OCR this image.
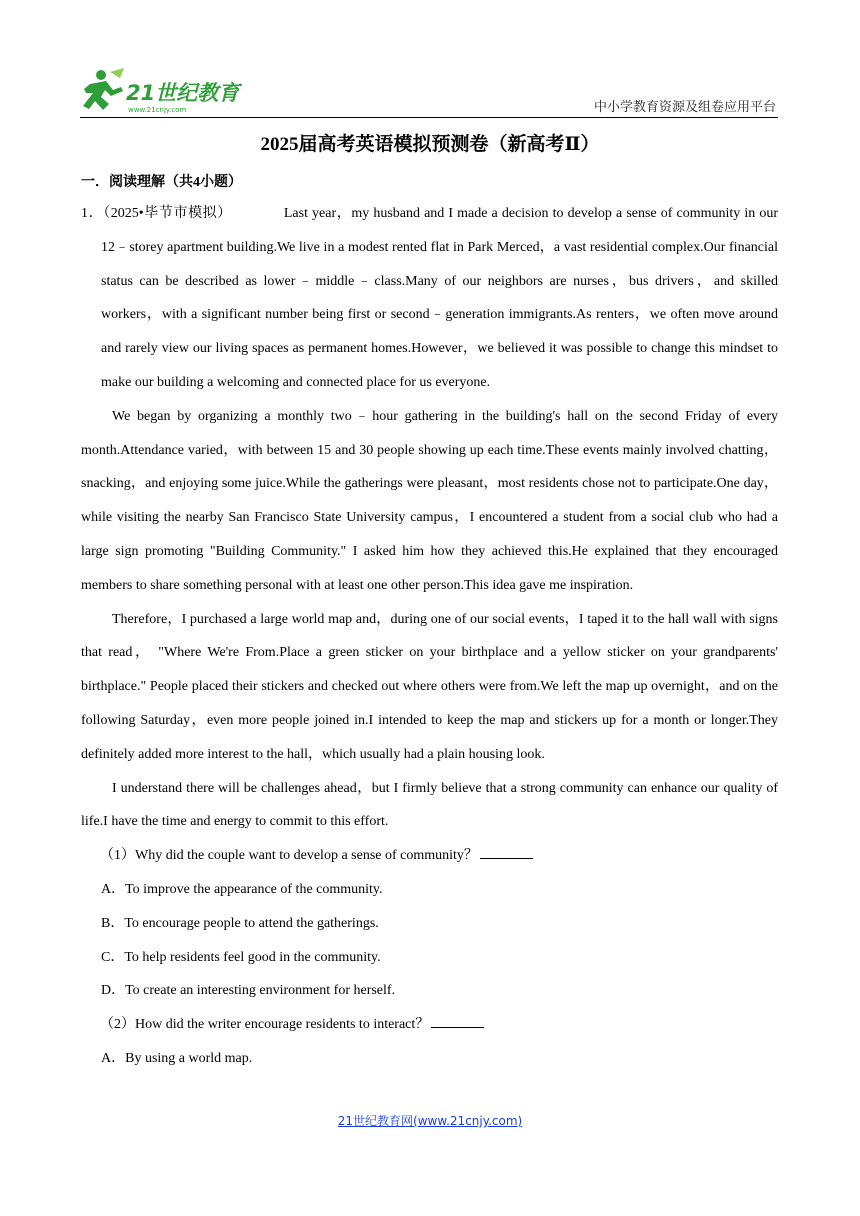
21世纪教育
www.21cnjy.com	中小学教育资源及组卷应用平台
2025届高考英语模拟预测卷（新高考Ⅱ）
一．阅读理解（共4小题）

1．（2025•毕节市模拟）	Last year，my husband and I made a decision to develop a sense of community in our 12﹣storey apartment building.We live in a modest rented flat in Park Merced，a vast residential complex.Our financial status can be described as lower﹣middle﹣class.Many of our neighbors are nurses，bus drivers，and skilled workers，with a significant number being first or second﹣generation immigrants.As renters，we often move around and rarely view our living spaces as permanent homes.However，we believed it was possible to change this mindset to make our building a welcoming and connected place for us everyone.

We began by organizing a monthly two﹣hour gathering in the building's hall on the second Friday of every month.Attendance varied，with between 15 and 30 people showing up each time.These events mainly involved chatting，snacking，and enjoying some juice.While the gatherings were pleasant，most residents chose not to participate.One day，while visiting the nearby San Francisco State University campus，I encountered a student from a social club who had a large sign promoting "Building Community." I asked him how they achieved this.He explained that they encouraged members to share something personal with at least one other person.This idea gave me inspiration.

Therefore，I purchased a large world map and，during one of our social events，I taped it to the hall wall with signs that read， "Where We're From.Place a green sticker on your birthplace and a yellow sticker on your grandparents' birthplace." People placed their stickers and checked out where others were from.We left the map up overnight，and on the following Saturday，even more people joined in.I intended to keep the map and stickers up for a month or longer.They definitely added more interest to the hall，which usually had a plain housing look.

I understand there will be challenges ahead，but I firmly believe that a strong community can enhance our quality of life.I have the time and energy to commit to this effort.

（1）Why did the couple want to develop a sense of community？

A．To improve the appearance of the community.

B．To encourage people to attend the gatherings.

C．To help residents feel good in the community.

D．To create an interesting environment for herself.

（2）How did the writer encourage residents to interact？

A．By using a world map.

21世纪教育网(www.21cnjy.com)
